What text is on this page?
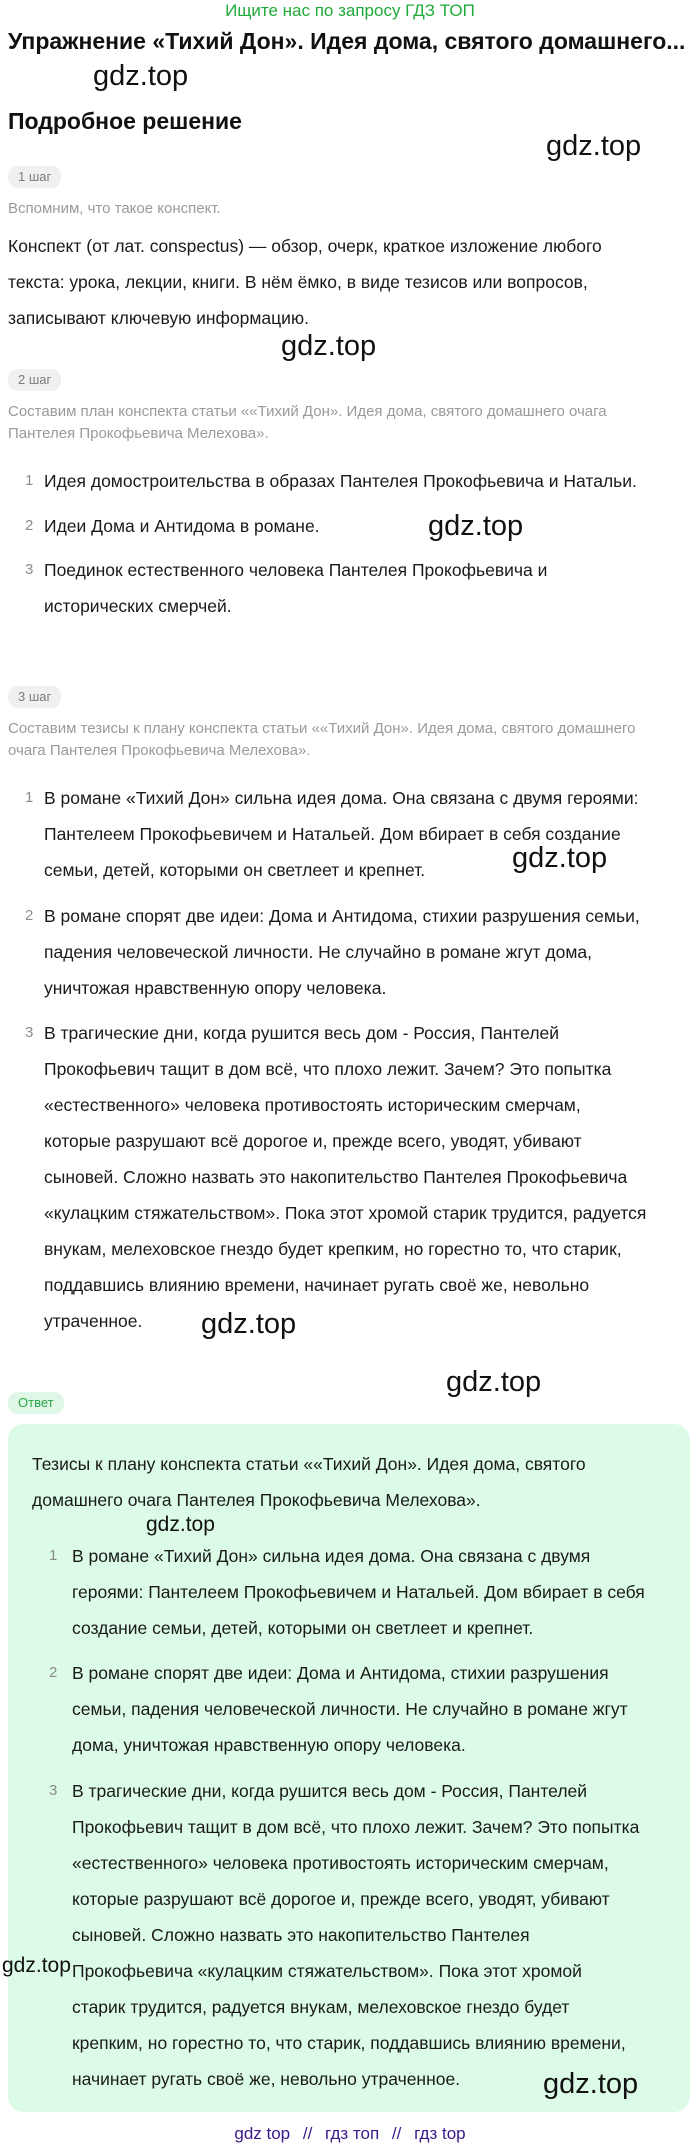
Ищите нас по запросу ГДЗ ТОП
Упражнение «Тихий Дон». Идея дома, святого домашнего...
gdz.top
Подробное решение
gdz.top
1 шаг
Вспомним, что такое конспект.
Конспект (от лат. conspectus) — обзор, очерк, краткое изложение любого
текста: урока, лекции, книги. В нём ёмко, в виде тезисов или вопросов,
записывают ключевую информацию.
gdz.top
2 шаг
Составим план конспекта статьи ««Тихий Дон». Идея дома, святого домашнего очага
Пантелея Прокофьевича Мелехова».
1 Идея домостроительства в образах Пантелея Прокофьевича и Натальи.
2 Идеи Дома и Антидома в романе.	gdz.top
3 Поединок естественного человека Пантелея Прокофьевича и
исторических смерчей.
3 шаг
Составим тезисы к плану конспекта статьи ««Тихий Дон». Идея дома, святого домашнего
очага Пантелея Прокофьевича Мелехова».
1 В романе «Тихий Дон» сильна идея дома. Она связана с двумя героями:
Пантелеем Прокофьевичем и Натальей. Дом вбирает в себя создание
семьи, детей, которыми он светлеет и крепнет.	gdz.top
2 В романе спорят две идеи: Дома и Антидома, стихии разрушения семьи,
падения человеческой личности. Не случайно в романе жгут дома,
уничтожая нравственную опору человека.
3 В трагические дни, когда рушится весь дом - Россия, Пантелей
Прокофьевич тащит в дом всё, что плохо лежит. Зачем? Это попытка
«естественного» человека противостоять историческим смерчам,
которые разрушают всё дорогое и, прежде всего, уводят, убивают
сыновей. Сложно назвать это накопительство Пантелея Прокофьевича
«кулацким стяжательством». Пока этот хромой старик трудится, радуется
внукам, мелеховское гнездо будет крепким, но горестно то, что старик,
поддавшись влиянию времени, начинает ругать своё же, невольно
утраченное.	gdz.top
gdz.top
Ответ
Тезисы к плану конспекта статьи ««Тихий Дон». Идея дома, святого
домашнего очага Пантелея Прокофьевича Мелехова».
gdz.top
1 В романе «Тихий Дон» сильна идея дома. Она связана с двумя
героями: Пантелеем Прокофьевичем и Натальей. Дом вбирает в себя
создание семьи, детей, которыми он светлеет и крепнет.
2 В романе спорят две идеи: Дома и Антидома, стихии разрушения
семьи, падения человеческой личности. Не случайно в романе жгут
дома, уничтожая нравственную опору человека.
3 В трагические дни, когда рушится весь дом - Россия, Пантелей
Прокофьевич тащит в дом всё, что плохо лежит. Зачем? Это попытка
«естественного» человека противостоять историческим смерчам,
которые разрушают всё дорогое и, прежде всего, уводят, убивают
сыновей. Сложно назвать это накопительство Пантелея
Прокофьевича «кулацким стяжательством». Пока этот хромой
старик трудится, радуется внукам, мелеховское гнездо будет
крепким, но горестно то, что старик, поддавшись влиянию времени,
начинает ругать своё же, невольно утраченное.
gdz.top
gdz.top
gdz top // гдз топ // гдз top
